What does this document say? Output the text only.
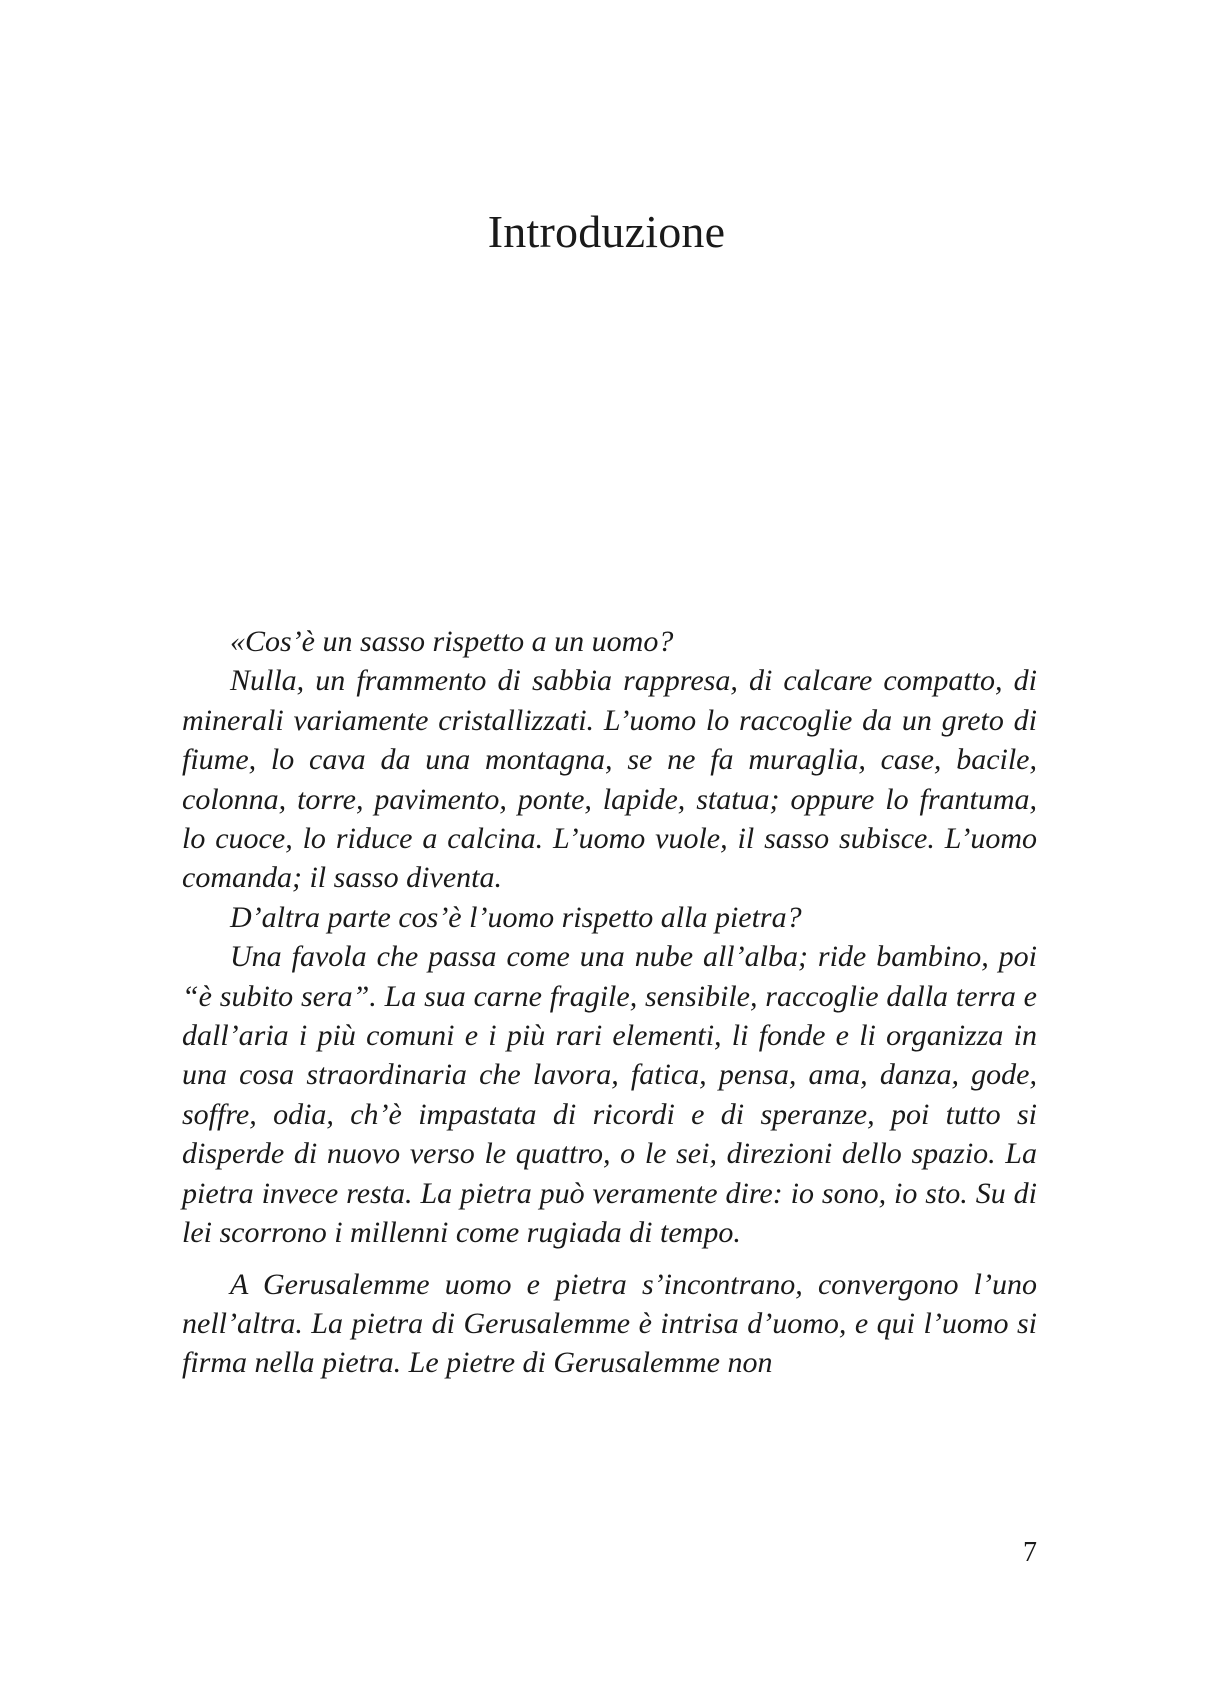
Introduzione

«Cos’è un sasso rispetto a un uomo?

Nulla, un frammento di sabbia rappresa, di calcare compatto, di minerali variamente cristallizzati. L’uomo lo raccoglie da un greto di fiume, lo cava da una montagna, se ne fa muraglia, case, bacile, colonna, torre, pavimento, ponte, lapide, statua; oppure lo frantuma, lo cuoce, lo riduce a calcina. L’uomo vuole, il sasso subisce. L’uomo comanda; il sasso diventa.

D’altra parte cos’è l’uomo rispetto alla pietra?

Una favola che passa come una nube all’alba; ride bambino, poi “è subito sera”. La sua carne fragile, sensibile, raccoglie dalla terra e dall’aria i più comuni e i più rari elementi, li fonde e li organizza in una cosa straordinaria che lavora, fatica, pensa, ama, danza, gode, soffre, odia, ch’è impastata di ricordi e di speranze, poi tutto si disperde di nuovo verso le quattro, o le sei, direzioni dello spazio. La pietra invece resta. La pietra può veramente dire: io sono, io sto. Su di lei scorrono i millenni come rugiada di tempo.

A Gerusalemme uomo e pietra s’incontrano, convergono l’uno nell’altra. La pietra di Gerusalemme è intrisa d’uomo, e qui l’uomo si firma nella pietra. Le pietre di Gerusalemme non

7
